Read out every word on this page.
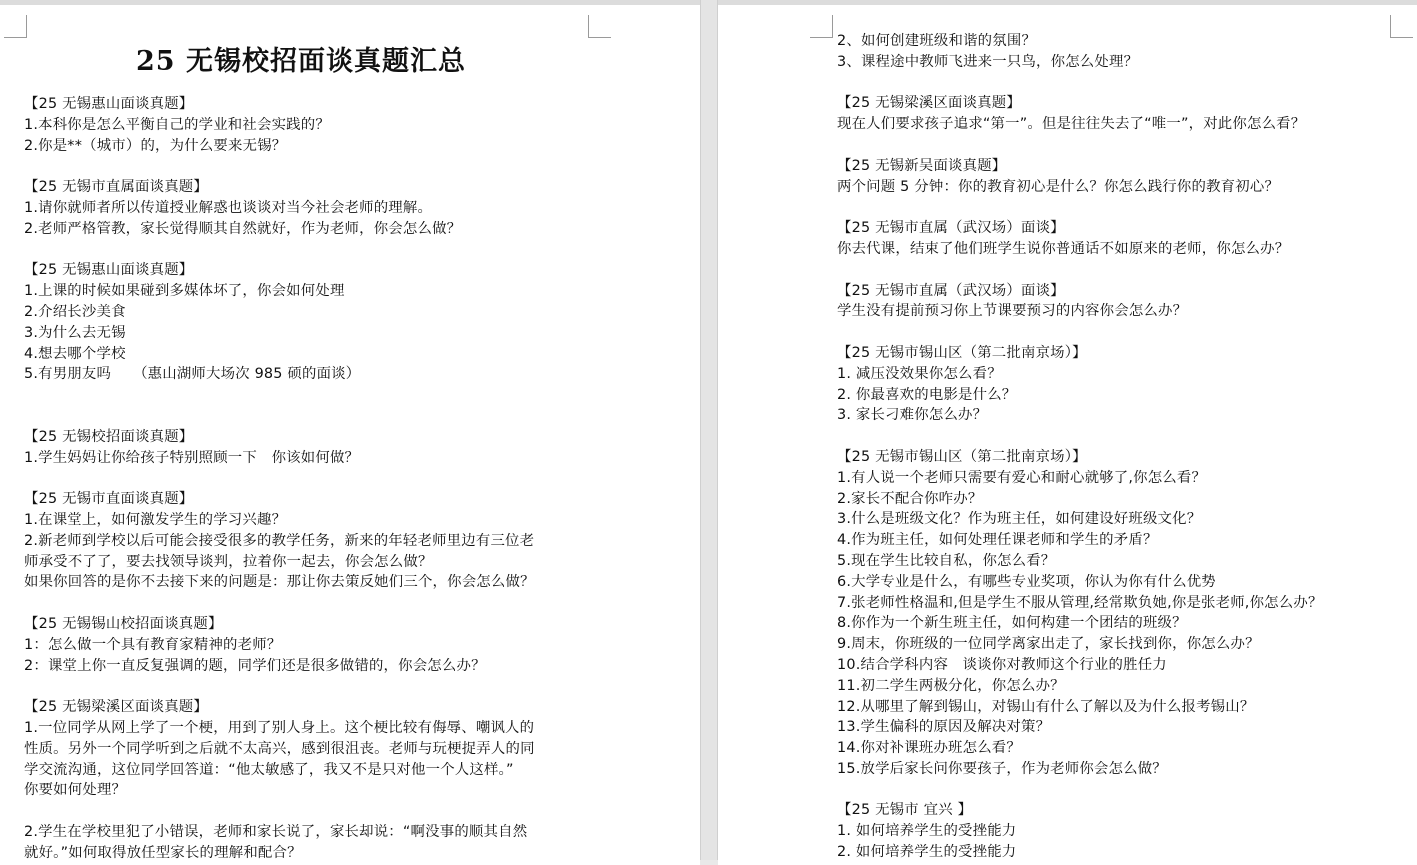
25 无锡校招面谈真题汇总
【25 无锡惠山面谈真题】
1.本科你是怎么平衡自己的学业和社会实践的？
2.你是**（城市）的，为什么要来无锡？

【25 无锡市直属面谈真题】
1.请你就师者所以传道授业解惑也谈谈对当今社会老师的理解。
2.老师严格管教，家长觉得顺其自然就好，作为老师，你会怎么做？

【25 无锡惠山面谈真题】
1.上课的时候如果碰到多媒体坏了，你会如何处理
2.介绍长沙美食
3.为什么去无锡
4.想去哪个学校
5.有男朋友吗　　（惠山湖师大场次 985 硕的面谈）

【25 无锡校招面谈真题】
1.学生妈妈让你给孩子特别照顾一下　你该如何做？

【25 无锡市直面谈真题】
1.在课堂上，如何激发学生的学习兴趣？
2.新老师到学校以后可能会接受很多的教学任务，新来的年轻老师里边有三位老
师承受不了了，要去找领导谈判，拉着你一起去，你会怎么做？
如果你回答的是你不去接下来的问题是：那让你去策反她们三个，你会怎么做？

【25 无锡锡山校招面谈真题】
1：怎么做一个具有教育家精神的老师？
2：课堂上你一直反复强调的题，同学们还是很多做错的，你会怎么办？

【25 无锡梁溪区面谈真题】
1.一位同学从网上学了一个梗，用到了别人身上。这个梗比较有侮辱、嘲讽人的
性质。另外一个同学听到之后就不太高兴，感到很沮丧。老师与玩梗捉弄人的同
学交流沟通，这位同学回答道：“他太敏感了，我又不是只对他一个人这样。”
你要如何处理？

2.学生在学校里犯了小错误，老师和家长说了，家长却说：“啊没事的顺其自然
就好。”如何取得放任型家长的理解和配合？
2、如何创建班级和谐的氛围？
3、课程途中教师飞进来一只鸟，你怎么处理？

【25 无锡梁溪区面谈真题】
现在人们要求孩子追求“第一”。但是往往失去了“唯一”，对此你怎么看？

【25 无锡新吴面谈真题】
两个问题 5 分钟：你的教育初心是什么？你怎么践行你的教育初心？

【25 无锡市直属（武汉场）面谈】
你去代课，结束了他们班学生说你普通话不如原来的老师，你怎么办？

【25 无锡市直属（武汉场）面谈】
学生没有提前预习你上节课要预习的内容你会怎么办？

【25 无锡市锡山区（第二批南京场）】
1. 减压没效果你怎么看？
2. 你最喜欢的电影是什么？
3. 家长刁难你怎么办？

【25 无锡市锡山区（第二批南京场）】
1.有人说一个老师只需要有爱心和耐心就够了,你怎么看？
2.家长不配合你咋办？
3.什么是班级文化？作为班主任，如何建设好班级文化？
4.作为班主任，如何处理任课老师和学生的矛盾？
5.现在学生比较自私，你怎么看？
6.大学专业是什么，有哪些专业奖项，你认为你有什么优势
7.张老师性格温和,但是学生不服从管理,经常欺负她,你是张老师,你怎么办？
8.你作为一个新生班主任，如何构建一个团结的班级？
9.周末，你班级的一位同学离家出走了，家长找到你，你怎么办？
10.结合学科内容　谈谈你对教师这个行业的胜任力
11.初二学生两极分化，你怎么办？
12.从哪里了解到锡山，对锡山有什么了解以及为什么报考锡山？
13.学生偏科的原因及解决对策？
14.你对补课班办班怎么看？
15.放学后家长问你要孩子，作为老师你会怎么做？

【25 无锡市 宜兴 】
1. 如何培养学生的受挫能力
2. 如何培养学生的受挫能力
